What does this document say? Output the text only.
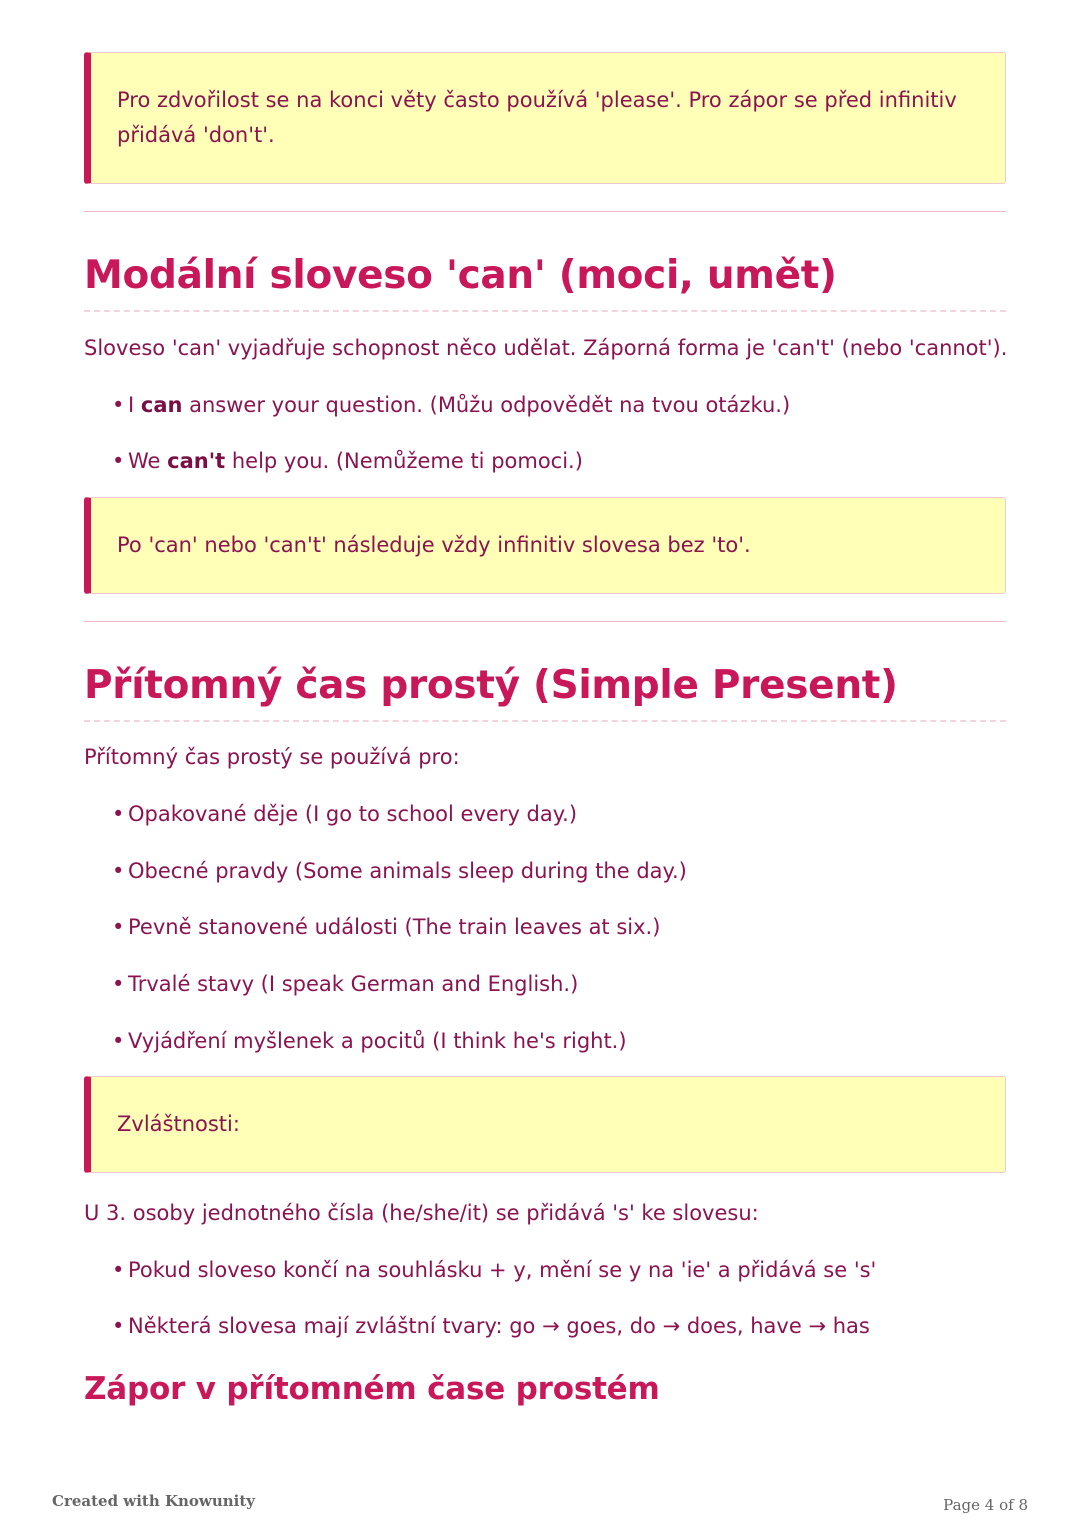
Pro zdvořilost se na konci věty často používá 'please'. Pro zápor se před infinitiv
přidává 'don't'.
Modální sloveso 'can' (moci, umět)

Sloveso 'can' vyjadřuje schopnost něco udělat. Záporná forma je 'can't' (nebo 'cannot').

• I can answer your question. (Můžu odpovědět na tvou otázku.)

• We can't help you. (Nemůžeme ti pomoci.)

Po 'can' nebo 'can't' následuje vždy infinitiv slovesa bez 'to'.
Přítomný čas prostý (Simple Present)

Přítomný čas prostý se používá pro:

• Opakované děje (I go to school every day.)

• Obecné pravdy (Some animals sleep during the day.)

• Pevně stanovené události (The train leaves at six.)

• Trvalé stavy (I speak German and English.)

• Vyjádření myšlenek a pocitů (I think he's right.)

Zvláštnosti:

U 3. osoby jednotného čísla (he/she/it) se přidává 's' ke slovesu:

• Pokud sloveso končí na souhlásku + y, mění se y na 'ie' a přidává se 's'

• Některá slovesa mají zvláštní tvary: go → goes, do → does, have → has

Zápor v přítomném čase prostém
Created with Knowunity	Page 4 of 8
